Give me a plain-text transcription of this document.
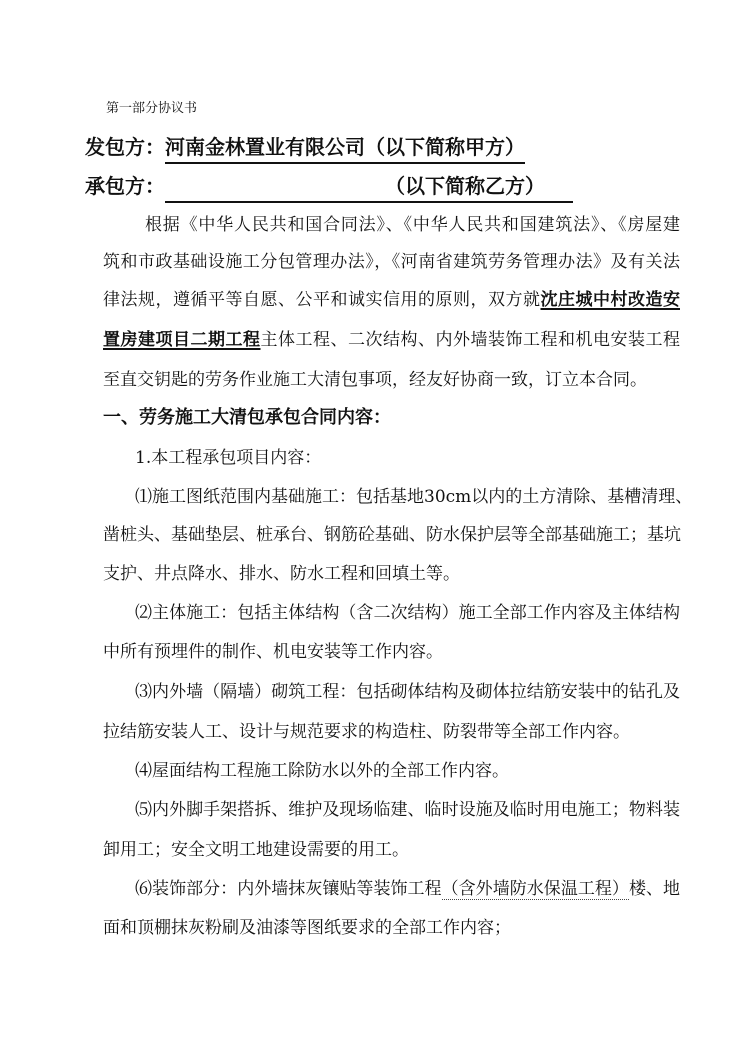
第一部分协议书
发包方：河南金林置业有限公司（以下简称甲方）
承包方：	（以下简称乙方）
根据《中华人民共和国合同法》、《中华人民共和国建筑法》、《房屋建
筑和市政基础设施工分包管理办法》，《河南省建筑劳务管理办法》及有关法
律法规，遵循平等自愿、公平和诚实信用的原则，双方就沈庄城中村改造安
置房建项目二期工程主体工程、二次结构、内外墙装饰工程和机电安装工程
至直交钥匙的劳务作业施工大清包事项，经友好协商一致，订立本合同。
一、劳务施工大清包承包合同内容：
1.本工程承包项目内容：
⑴施工图纸范围内基础施工：包括基地30cm以内的土方清除、基槽清理、
凿桩头、基础垫层、桩承台、钢筋砼基础、防水保护层等全部基础施工；基坑
支护、井点降水、排水、防水工程和回填土等。
⑵主体施工：包括主体结构（含二次结构）施工全部工作内容及主体结构
中所有预埋件的制作、机电安装等工作内容。
⑶内外墙（隔墙）砌筑工程：包括砌体结构及砌体拉结筋安装中的钻孔及
拉结筋安装人工、设计与规范要求的构造柱、防裂带等全部工作内容。
⑷屋面结构工程施工除防水以外的全部工作内容。
⑸内外脚手架搭拆、维护及现场临建、临时设施及临时用电施工；物料装
卸用工；安全文明工地建设需要的用工。
⑹装饰部分：内外墙抹灰镶贴等装饰工程（含外墙防水保温工程）楼、地
面和顶棚抹灰粉刷及油漆等图纸要求的全部工作内容；
